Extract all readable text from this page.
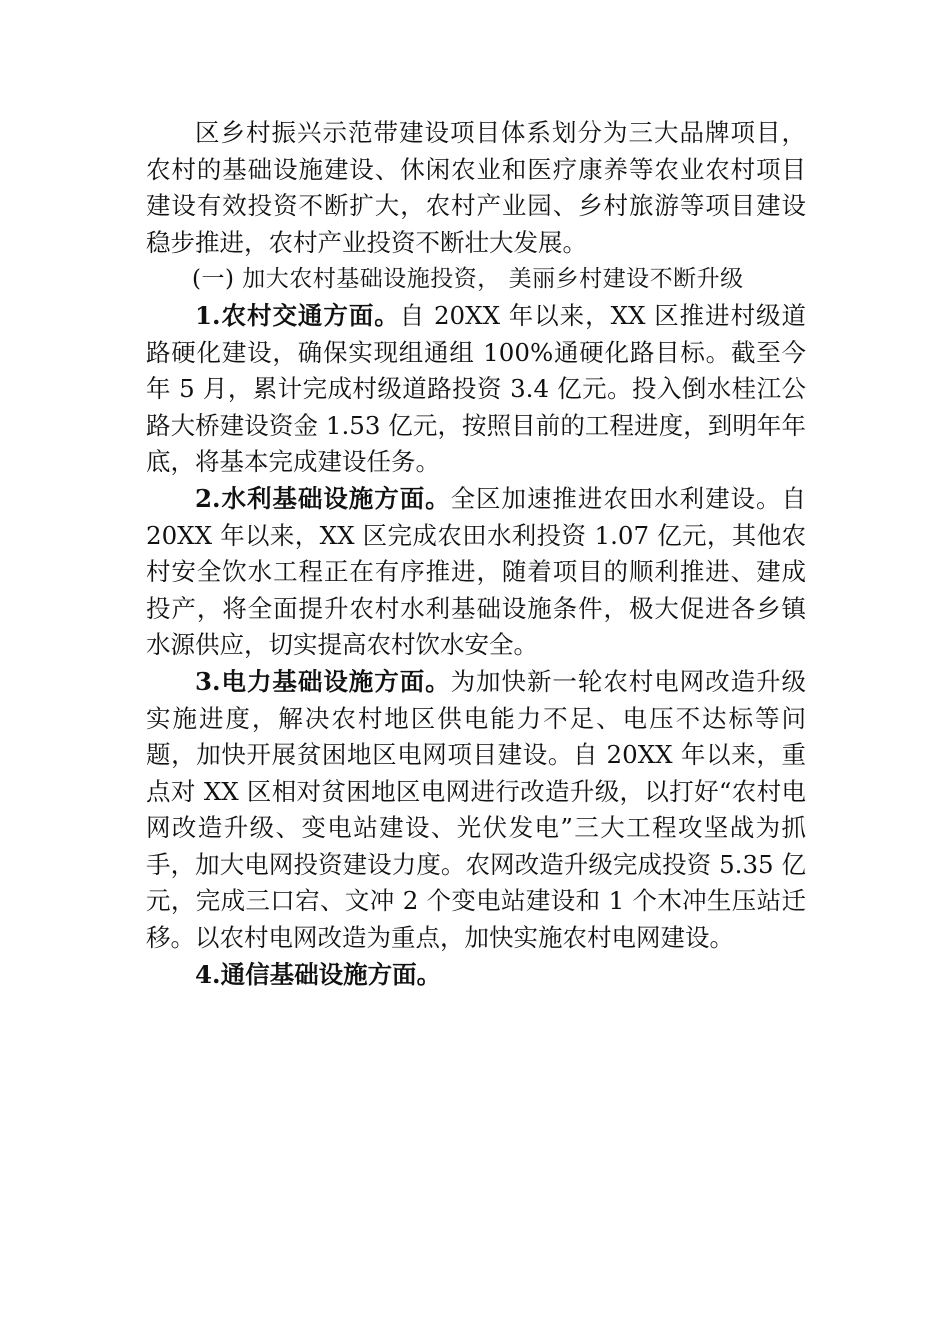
区乡村振兴示范带建设项目体系划分为三大品牌项目，农村的基础设施建设、休闲农业和医疗康养等农业农村项目建设有效投资不断扩大，农村产业园、乡村旅游等项目建设稳步推进，农村产业投资不断壮大发展。

(一) 加大农村基础设施投资， 美丽乡村建设不断升级

1.农村交通方面。自 20XX 年以来，XX 区推进村级道路硬化建设，确保实现组通组 100%通硬化路目标。截至今年 5 月，累计完成村级道路投资 3.4 亿元。投入倒水桂江公路大桥建设资金 1.53 亿元，按照目前的工程进度，到明年年底，将基本完成建设任务。

2.水利基础设施方面。全区加速推进农田水利建设。自 20XX 年以来，XX 区完成农田水利投资 1.07 亿元，其他农村安全饮水工程正在有序推进，随着项目的顺利推进、建成投产，将全面提升农村水利基础设施条件，极大促进各乡镇水源供应，切实提高农村饮水安全。

3.电力基础设施方面。为加快新一轮农村电网改造升级实施进度，解决农村地区供电能力不足、电压不达标等问题，加快开展贫困地区电网项目建设。自 20XX 年以来，重点对 XX 区相对贫困地区电网进行改造升级，以打好“农村电网改造升级、变电站建设、光伏发电”三大工程攻坚战为抓手，加大电网投资建设力度。农网改造升级完成投资 5.35 亿元，完成三口宕、文冲 2 个变电站建设和 1 个木冲生压站迁移。以农村电网改造为重点，加快实施农村电网建设。

4.通信基础设施方面。
